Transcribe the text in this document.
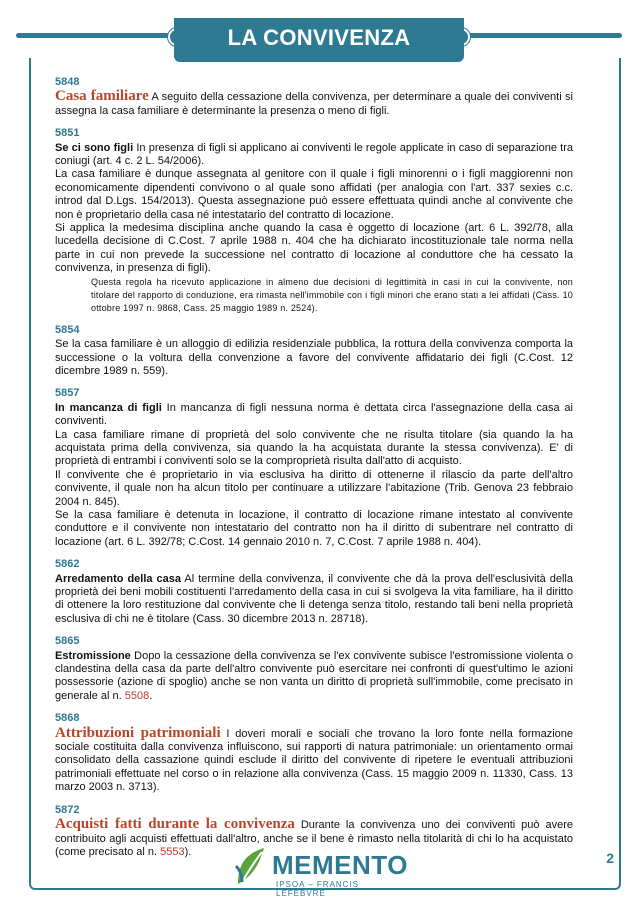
LA CONVIVENZA
5848
Casa familiare A seguito della cessazione della convivenza, per determinare a quale dei conviventi si assegna la casa familiare è determinante la presenza o meno di figli.
5851
Se ci sono figli In presenza di figli si applicano ai conviventi le regole applicate in caso di separazione tra coniugi (art. 4 c. 2 L. 54/2006).
La casa familiare è dunque assegnata al genitore con il quale i figli minorenni o i figli maggiorenni non economicamente dipendenti convivono o al quale sono affidati (per analogia con l'art. 337 sexies c.c. introd dal D.Lgs. 154/2013). Questa assegnazione può essere effettuata quindi anche al convivente che non è proprietario della casa né intestatario del contratto di locazione.
Si applica la medesima disciplina anche quando la casa è oggetto di locazione (art. 6 L. 392/78, alla lucedella decisione di C.Cost. 7 aprile 1988 n. 404 che ha dichiarato incostituzionale tale norma nella parte in cui non prevede la successione nel contratto di locazione al conduttore che ha cessato la convivenza, in presenza di figli).
Questa regola ha ricevuto applicazione in almeno due decisioni di legittimità in casi in cui la convivente, non titolare del rapporto di conduzione, era rimasta nell'immobile con i figli minori che erano stati a lei affidati (Cass. 10 ottobre 1997 n. 9868, Cass. 25 maggio 1989 n. 2524).
5854
Se la casa familiare è un alloggio di edilizia residenziale pubblica, la rottura della convivenza comporta la successione o la voltura della convenzione a favore del convivente affidatario dei figli (C.Cost. 12 dicembre 1989 n. 559).
5857
In mancanza di figli In mancanza di figli nessuna norma è dettata circa l'assegnazione della casa ai conviventi.
La casa familiare rimane di proprietà del solo convivente che ne risulta titolare (sia quando la ha acquistata prima della convivenza, sia quando la ha acquistata durante la stessa convivenza). E' di proprietà di entrambi i conviventi solo se la comproprietà risulta dall'atto di acquisto.
Il convivente che è proprietario in via esclusiva ha diritto di ottenerne il rilascio da parte dell'altro convivente, il quale non ha alcun titolo per continuare a utilizzare l'abitazione (Trib. Genova 23 febbraio 2004 n. 845).
Se la casa familiare è detenuta in locazione, il contratto di locazione rimane intestato al convivente conduttore e il convivente non intestatario del contratto non ha il diritto di subentrare nel contratto di locazione (art. 6 L. 392/78; C.Cost. 14 gennaio 2010 n. 7, C.Cost. 7 aprile 1988 n. 404).
5862
Arredamento della casa Al termine della convivenza, il convivente che dà la prova dell'esclusività della proprietà dei beni mobili costituenti l'arredamento della casa in cui si svolgeva la vita familiare, ha il diritto di ottenere la loro restituzione dal convivente che li detenga senza titolo, restando tali beni nella proprietà esclusiva di chi ne è titolare (Cass. 30 dicembre 2013 n. 28718).
5865
Estromissione Dopo la cessazione della convivenza se l'ex convivente subisce l'estromissione violenta o clandestina della casa da parte dell'altro convivente può esercitare nei confronti di quest'ultimo le azioni possessorie (azione di spoglio) anche se non vanta un diritto di proprietà sull'immobile, come precisato in generale al n. 5508.
5868
Attribuzioni patrimoniali I doveri morali e sociali che trovano la loro fonte nella formazione sociale costituita dalla convivenza influiscono, sui rapporti di natura patrimoniale: un orientamento ormai consolidato della cassazione quindi esclude il diritto del convivente di ripetere le eventuali attribuzioni patrimoniali effettuate nel corso o in relazione alla convivenza (Cass. 15 maggio 2009 n. 11330, Cass. 13 marzo 2003 n. 3713).
5872
Acquisti fatti durante la convivenza Durante la convivenza uno dei conviventi può avere contribuito agli acquisti effettuati dall'altro, anche se il bene è rimasto nella titolarità di chi lo ha acquistato (come precisato al n. 5553).	MEMENTO
IPSOA – FRANCIS LEFEBVRE
2
